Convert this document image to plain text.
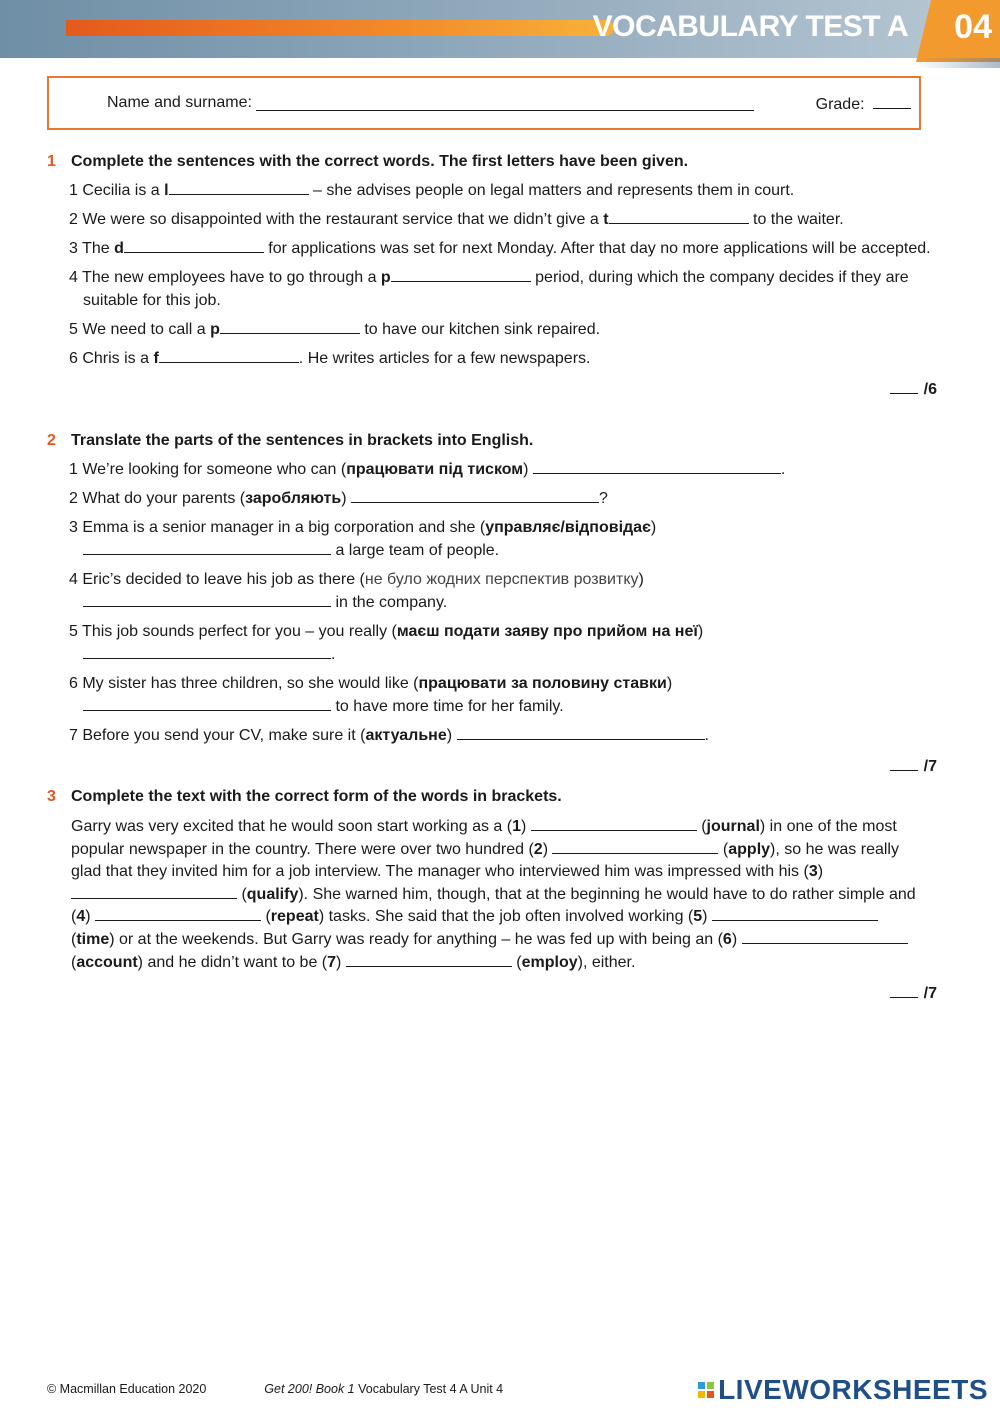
VOCABULARY TEST A 04
Name and surname:	Grade:
1 Complete the sentences with the correct words. The first letters have been given.
1 Cecilia is a l	– she advises people on legal matters and represents them in court.
2 We were so disappointed with the restaurant service that we didn’t give a t	to the waiter.
3 The d	for applications was set for next Monday. After that day no more applications will be accepted.
4 The new employees have to go through a p	period, during which the company decides if they are suitable for this job.
5 We need to call a p	to have our kitchen sink repaired.
6 Chris is a f	. He writes articles for a few newspapers.
/6
2 Translate the parts of the sentences in brackets into English.
1 We’re looking for someone who can (працювати під тиском)	.
2 What do your parents (заробляють)	?
3 Emma is a senior manager in a big corporation and she (управляє/відповідає)
a large team of people.
4 Eric’s decided to leave his job as there (не було жодних перспектив розвитку)
in the company.
5 This job sounds perfect for you – you really (маєш подати заяву про прийом на неї)
.
6 My sister has three children, so she would like (працювати за половину ставки)
to have more time for her family.
7 Before you send your CV, make sure it (актуальне)	.
/7
3 Complete the text with the correct form of the words in brackets.
Garry was very excited that he would soon start working as a (1)	(journal) in one of the most popular newspaper in the country. There were over two hundred (2)	(apply), so he was really glad that they invited him for a job interview. The manager who interviewed him was impressed with his (3)  (qualify). She warned him, though, that at the beginning he would have to do rather simple and (4)	(repeat) tasks. She said that the job often involved working (5)  (time) or at the weekends. But Garry was ready for anything – he was fed up with being an (6)  (account) and he didn’t want to be (7)	(employ), either.
/7
© Macmillan Education 2020	Get 200! Book 1 Vocabulary Test 4 A Unit 4	LIVEWORKSHEETS
